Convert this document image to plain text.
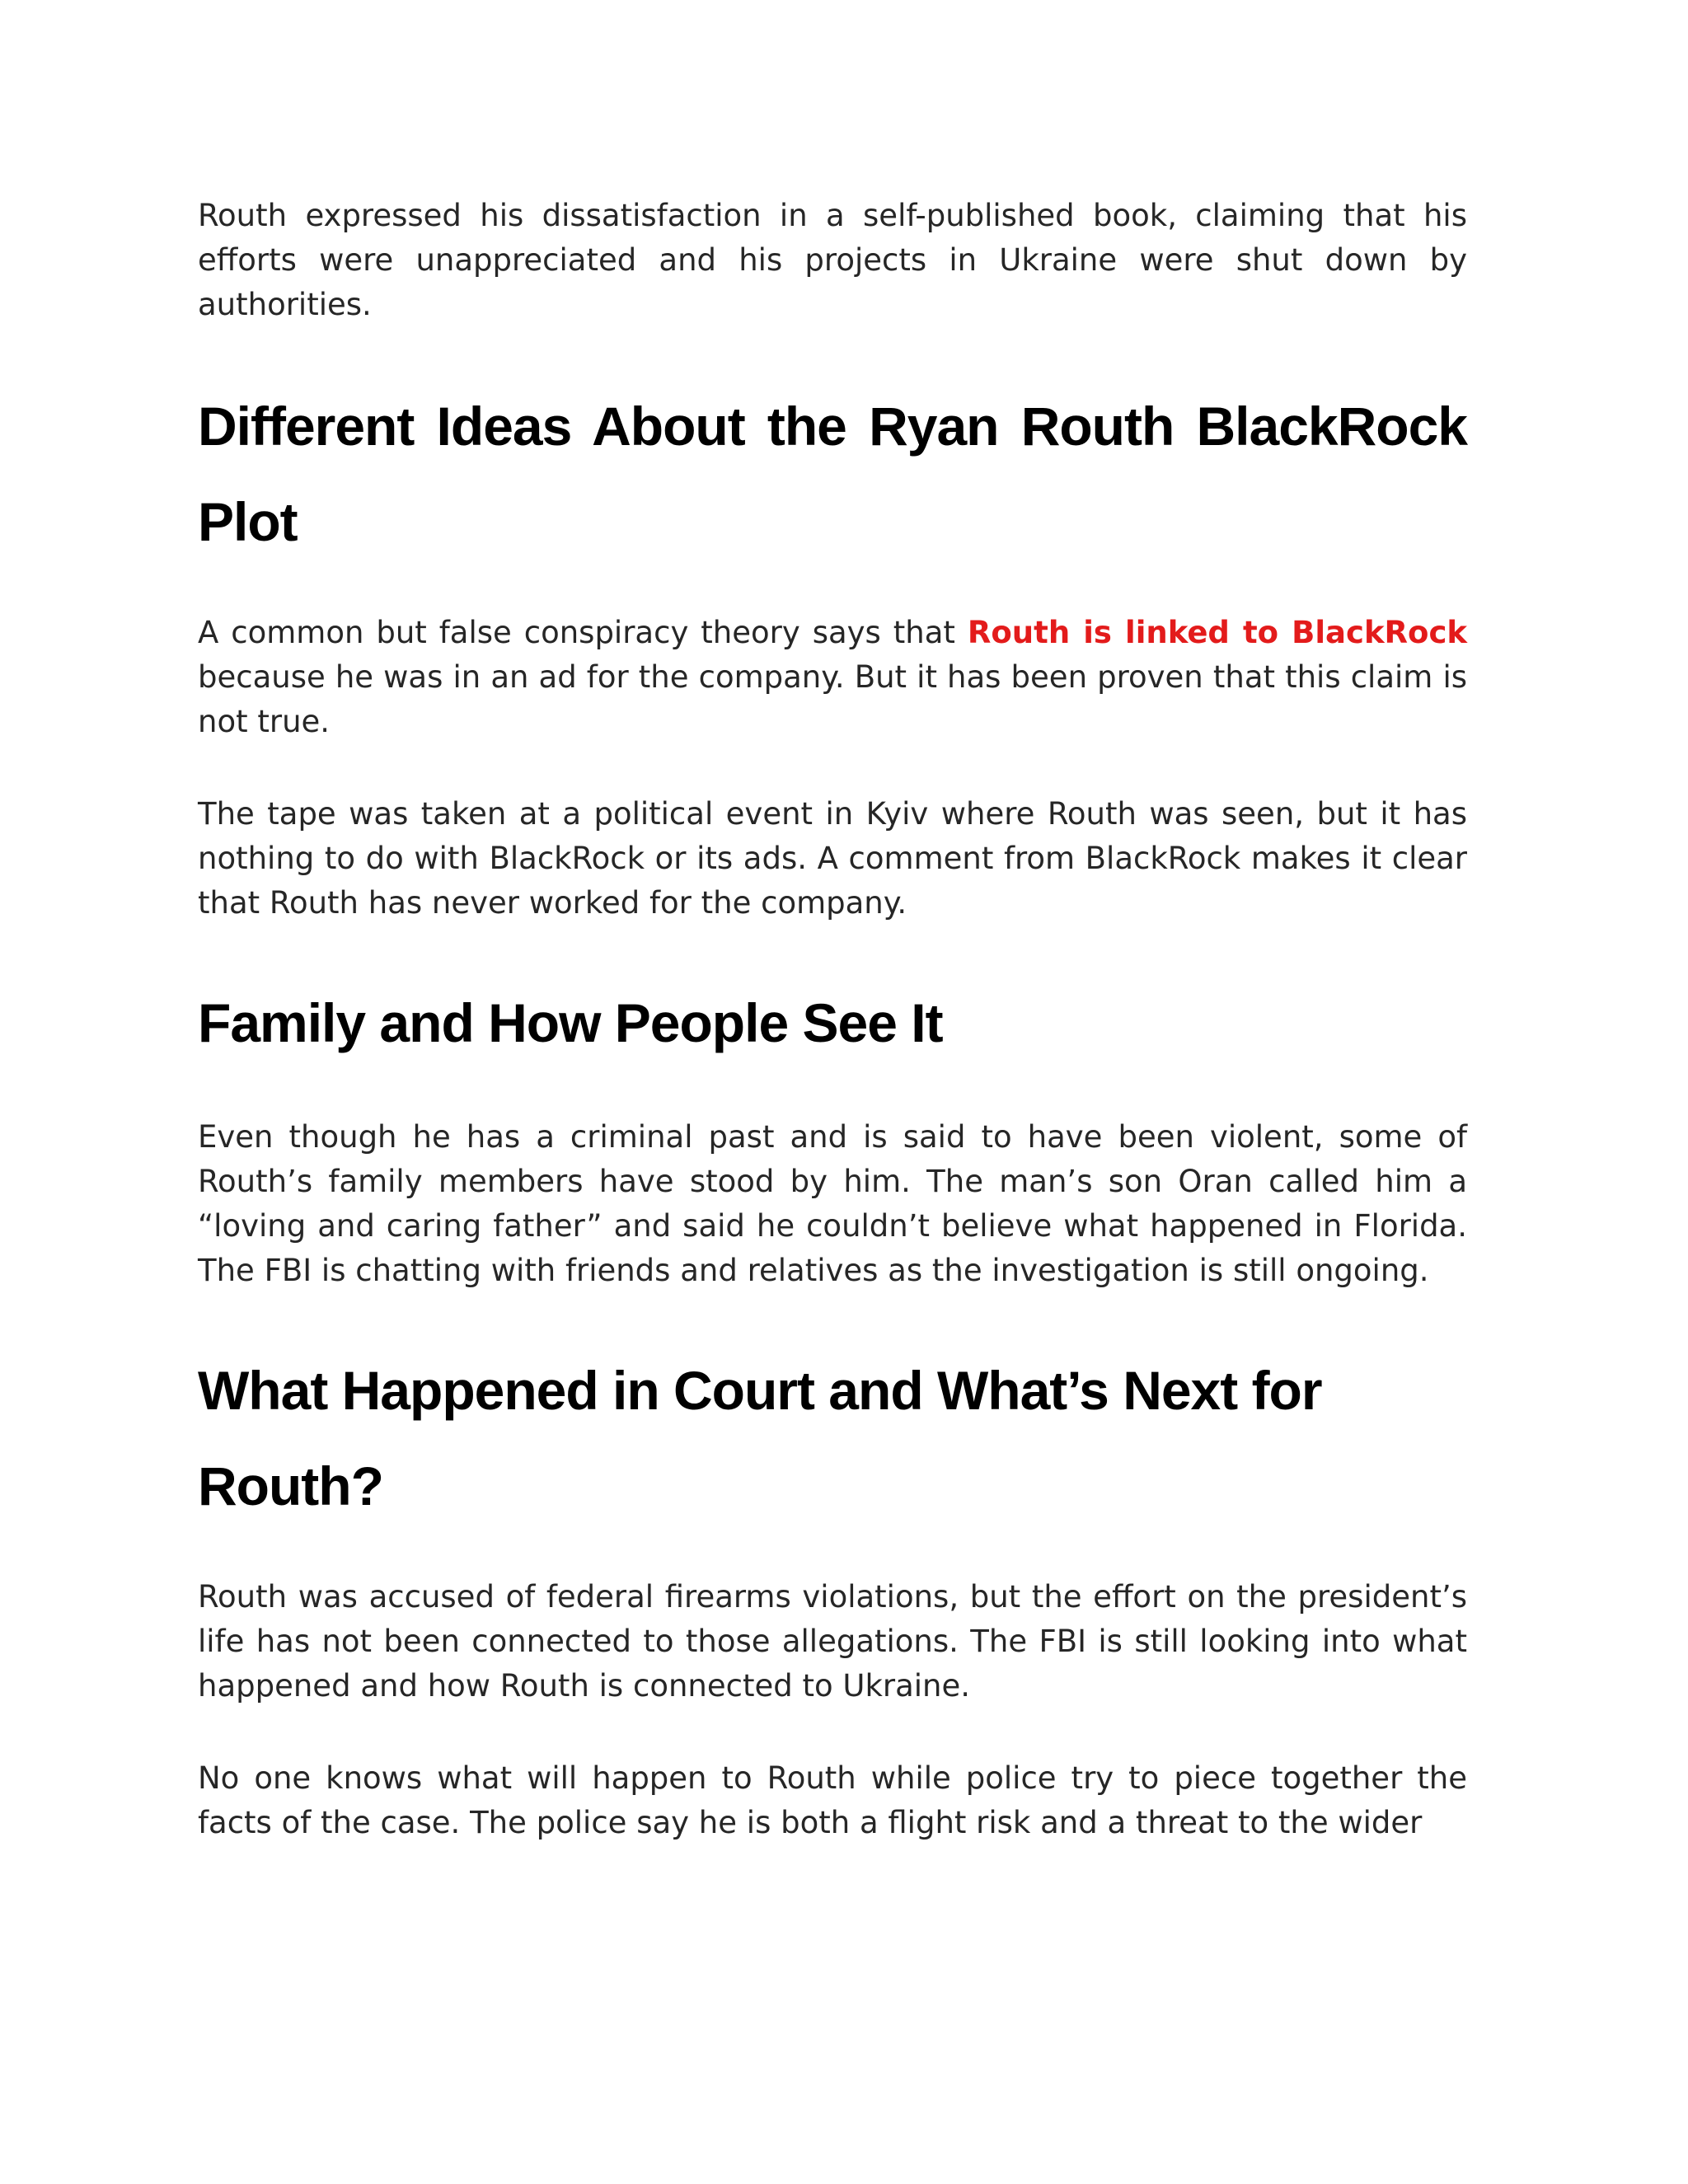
Routh expressed his dissatisfaction in a self-published book, claiming that his efforts were unappreciated and his projects in Ukraine were shut down by authorities.

Different Ideas About the Ryan Routh BlackRock Plot

A common but false conspiracy theory says that Routh is linked to BlackRock because he was in an ad for the company. But it has been proven that this claim is not true.

The tape was taken at a political event in Kyiv where Routh was seen, but it has nothing to do with BlackRock or its ads. A comment from BlackRock makes it clear that Routh has never worked for the company.

Family and How People See It

Even though he has a criminal past and is said to have been violent, some of Routh’s family members have stood by him. The man’s son Oran called him a “loving and caring father” and said he couldn’t believe what happened in Florida. The FBI is chatting with friends and relatives as the investigation is still ongoing.

What Happened in Court and What’s Next for Routh?

Routh was accused of federal firearms violations, but the effort on the president’s life has not been connected to those allegations. The FBI is still looking into what happened and how Routh is connected to Ukraine.

No one knows what will happen to Routh while police try to piece together the facts of the case. The police say he is both a flight risk and a threat to the wider
